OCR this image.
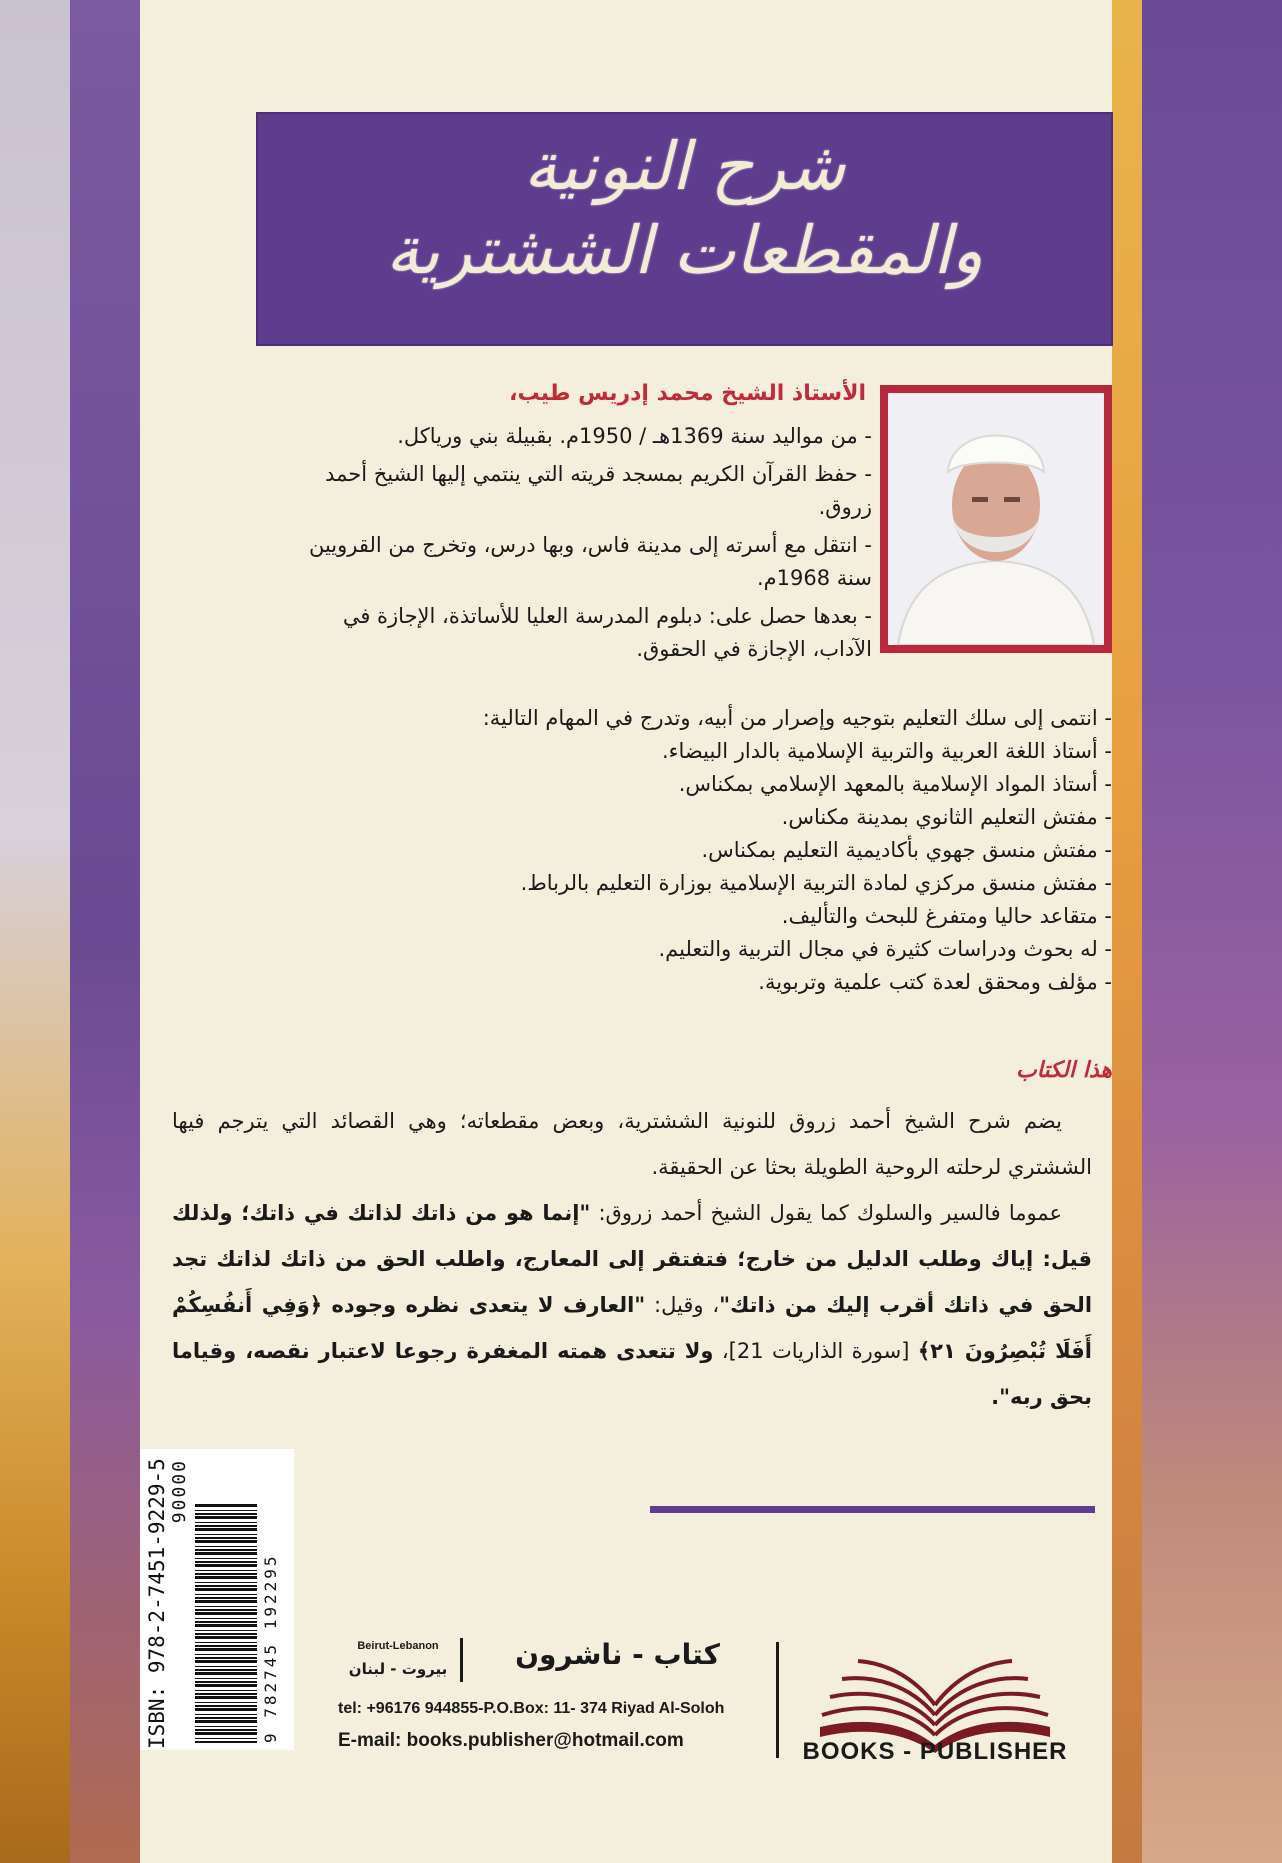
شرح النونية
والمقطعات الششترية
الأستاذ الشيخ محمد إدريس طيب،

- من مواليد سنة 1369هـ / 1950م. بقبيلة بني ورياكل.

- حفظ القرآن الكريم بمسجد قريته التي ينتمي إليها الشيخ أحمد زروق.

- انتقل مع أسرته إلى مدينة فاس، وبها درس، وتخرج من القرويين سنة 1968م.

- بعدها حصل على: دبلوم المدرسة العليا للأساتذة، الإجازة في الآداب، الإجازة في الحقوق.

- انتمى إلى سلك التعليم بتوجيه وإصرار من أبيه، وتدرج في المهام التالية:

- أستاذ اللغة العربية والتربية الإسلامية بالدار البيضاء.

- أستاذ المواد الإسلامية بالمعهد الإسلامي بمكناس.

- مفتش التعليم الثانوي بمدينة مكناس.

- مفتش منسق جهوي بأكاديمية التعليم بمكناس.

- مفتش منسق مركزي لمادة التربية الإسلامية بوزارة التعليم بالرباط.

- متقاعد حاليا ومتفرغ للبحث والتأليف.

- له بحوث ودراسات كثيرة في مجال التربية والتعليم.

- مؤلف ومحقق لعدة كتب علمية وتربوية.

هذا الكتاب

يضم شرح الشيخ أحمد زروق للنونية الششترية، وبعض مقطعاته؛ وهي القصائد التي يترجم فيها الششتري لرحلته الروحية الطويلة بحثا عن الحقيقة.

عموما فالسير والسلوك كما يقول الشيخ أحمد زروق: "إنما هو من ذاتك لذاتك في ذاتك؛ ولذلك قيل: إياك وطلب الدليل من خارج؛ فتفتقر إلى المعارج، واطلب الحق من ذاتك لذاتك تجد الحق في ذاتك أقرب إليك من ذاتك"، وقيل: "العارف لا يتعدى نظره وجوده ﴿وَفِي أَنفُسِكُمْ أَفَلَا تُبْصِرُونَ ٢١﴾ [سورة الذاريات 21]، ولا تتعدى همته المغفرة رجوعا لاعتبار نقصه، وقياما بحق ربه".

ISBN: 978-2-7451-9229-5 90000
9 782745 192295
BOOKS - PUBLISHER
كتاب - ناشرون
Beirut-Lebanon
بيروت - لبنان
tel: +96176 944855-P.O.Box: 11- 374 Riyad Al-Soloh
E-mail: books.publisher@hotmail.com
